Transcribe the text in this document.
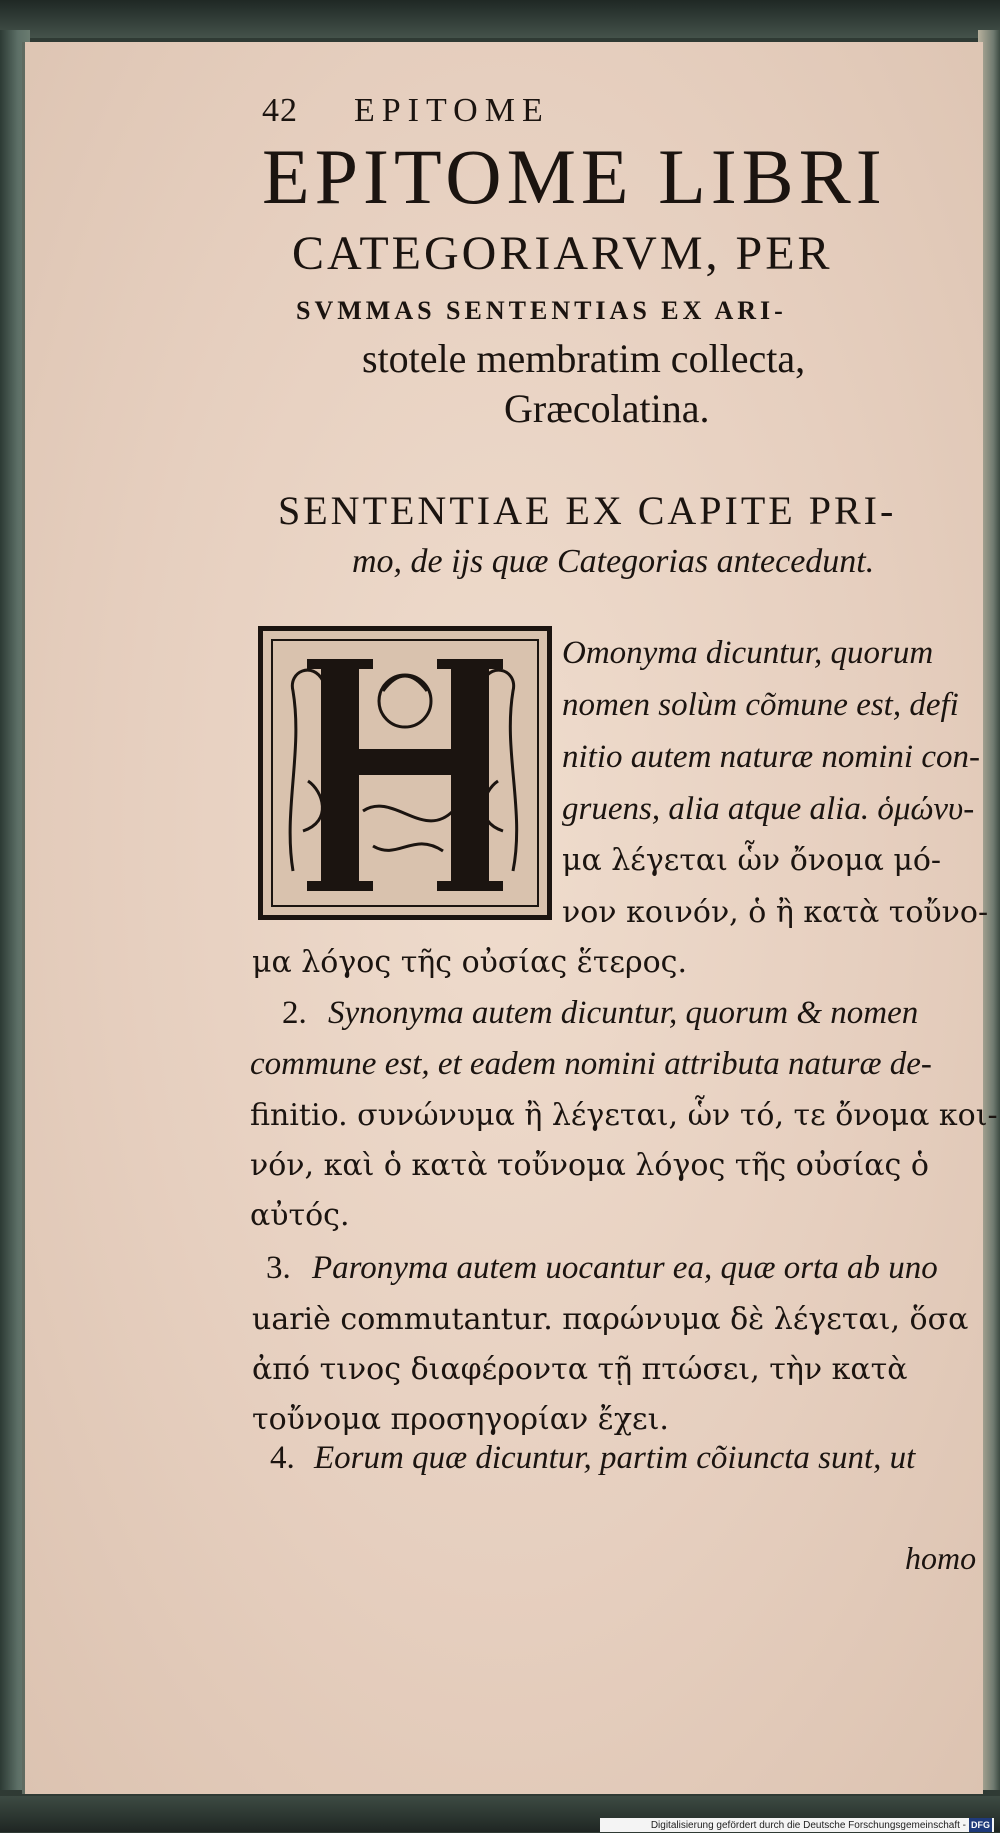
42 EPITOME
EPITOME LIBRI
CATEGORIARVM, PER
SVMMAS SENTENTIAS EX ARI-
stotele membratim collecta,
Græcolatina.
SENTENTIAE EX CAPITE PRI-
mo, de ijs quæ Categorias antecedunt.
Omonyma dicuntur, quorum
nomen solùm cõmune est, defi
nitio autem naturæ nomini con-
gruens, alia atque alia. ὁμώνυ-
μα λέγεται ὧν ὄνομα μό-
νον κοινόν, ὁ ἢ κατὰ τοὔνο-
μα λόγος τῆς οὐσίας ἕτερος.
2. Synonyma autem dicuntur, quorum & nomen
commune est, et eadem nomini attributa naturæ de-
finitio. συνώνυμα ἢ λέγεται, ὧν τό, τε ὄνομα κοι-
νόν, καὶ ὁ κατὰ τοὔνομα λόγος τῆς οὐσίας ὁ
αὐτός.
3. Paronyma autem uocantur ea, quæ orta ab uno
uariè commutantur. παρώνυμα δὲ λέγεται, ὅσα
ἀπό τινος διαφέροντα τῇ πτώσει, τὴν κατὰ
τοὔνομα προσηγορίαν ἔχει.
4. Eorum quæ dicuntur, partim cõiuncta sunt, ut
homo
Digitalisierung gefördert durch die Deutsche Forschungsgemeinschaft - DFG
